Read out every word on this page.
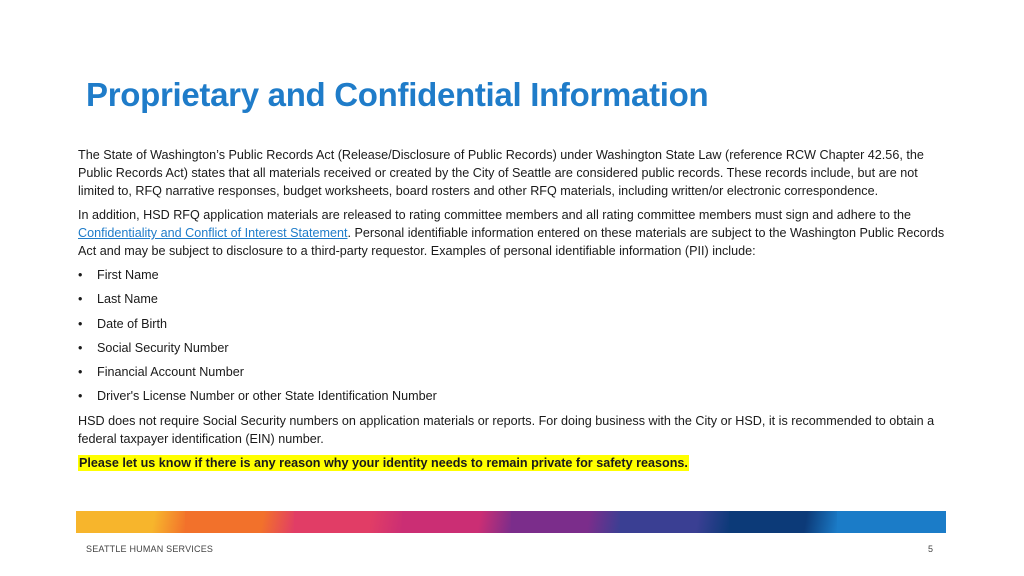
Proprietary and Confidential Information

The State of Washington’s Public Records Act (Release/Disclosure of Public Records) under Washington State Law (reference RCW Chapter 42.56, the Public Records Act) states that all materials received or created by the City of Seattle are considered public records. These records include, but are not limited to, RFQ narrative responses, budget worksheets, board rosters and other RFQ materials, including written/or electronic correspondence.

In addition, HSD RFQ application materials are released to rating committee members and all rating committee members must sign and adhere to the Confidentiality and Conflict of Interest Statement. Personal identifiable information entered on these materials are subject to the Washington Public Records Act and may be subject to disclosure to a third-party requestor. Examples of personal identifiable information (PII) include:

• First Name
• Last Name
• Date of Birth
• Social Security Number
• Financial Account Number
• Driver's License Number or other State Identification Number

HSD does not require Social Security numbers on application materials or reports. For doing business with the City or HSD, it is recommended to obtain a federal taxpayer identification (EIN) number.

Please let us know if there is any reason why your identity needs to remain private for safety reasons.

SEATTLE HUMAN SERVICES	5
